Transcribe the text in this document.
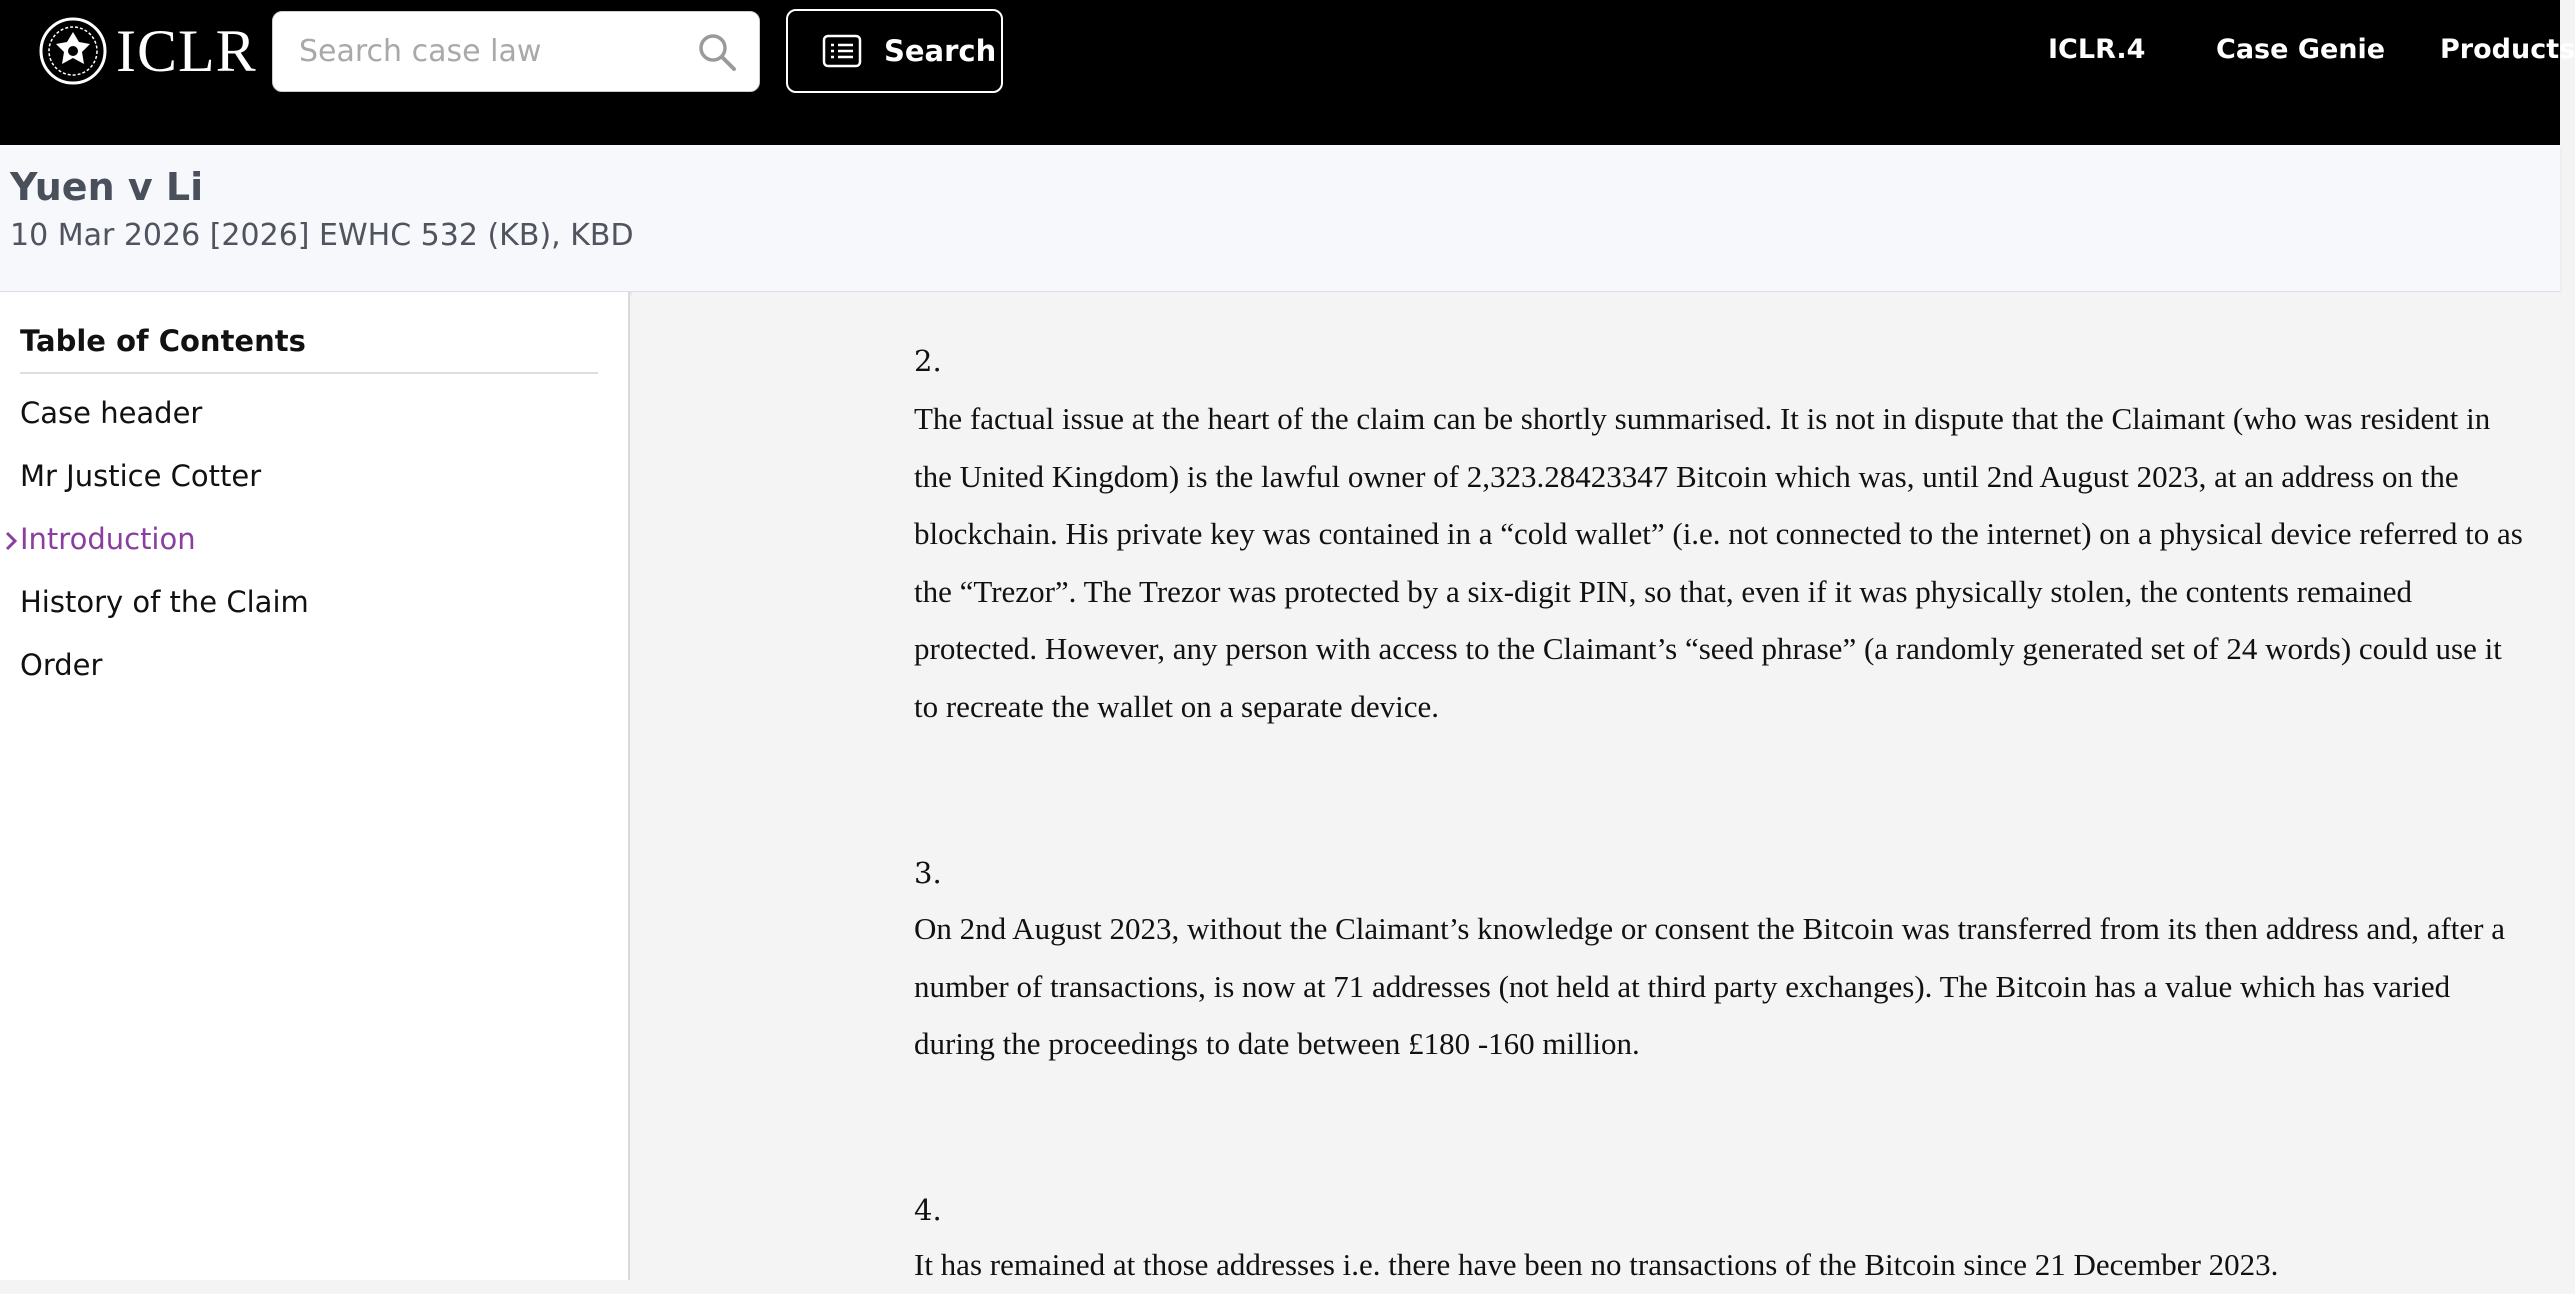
ICLR
Search case law	Search	ICLR.4	Case Genie Products
Yuen v Li
10 Mar 2026 [2026] EWHC 532 (KB), KBD
Table of Contents
Case header
Mr Justice Cotter
Introduction
History of the Claim
Order
2.
The factual issue at the heart of the claim can be shortly summarised. It is not in dispute that the Claimant (who was resident in the United Kingdom) is the lawful owner of 2,323.28423347 Bitcoin which was, until 2nd August 2023, at an address on the blockchain. His private key was contained in a “cold wallet” (i.e. not connected to the internet) on a physical device referred to as the “Trezor”. The Trezor was protected by a six-digit PIN, so that, even if it was physically stolen, the contents remained protected. However, any person with access to the Claimant’s “seed phrase” (a randomly generated set of 24 words) could use it to recreate the wallet on a separate device.
3.
On 2nd August 2023, without the Claimant’s knowledge or consent the Bitcoin was transferred from its then address and, after a number of transactions, is now at 71 addresses (not held at third party exchanges). The Bitcoin has a value which has varied during the proceedings to date between £180 -160 million.
4.
It has remained at those addresses i.e. there have been no transactions of the Bitcoin since 21 December 2023.
